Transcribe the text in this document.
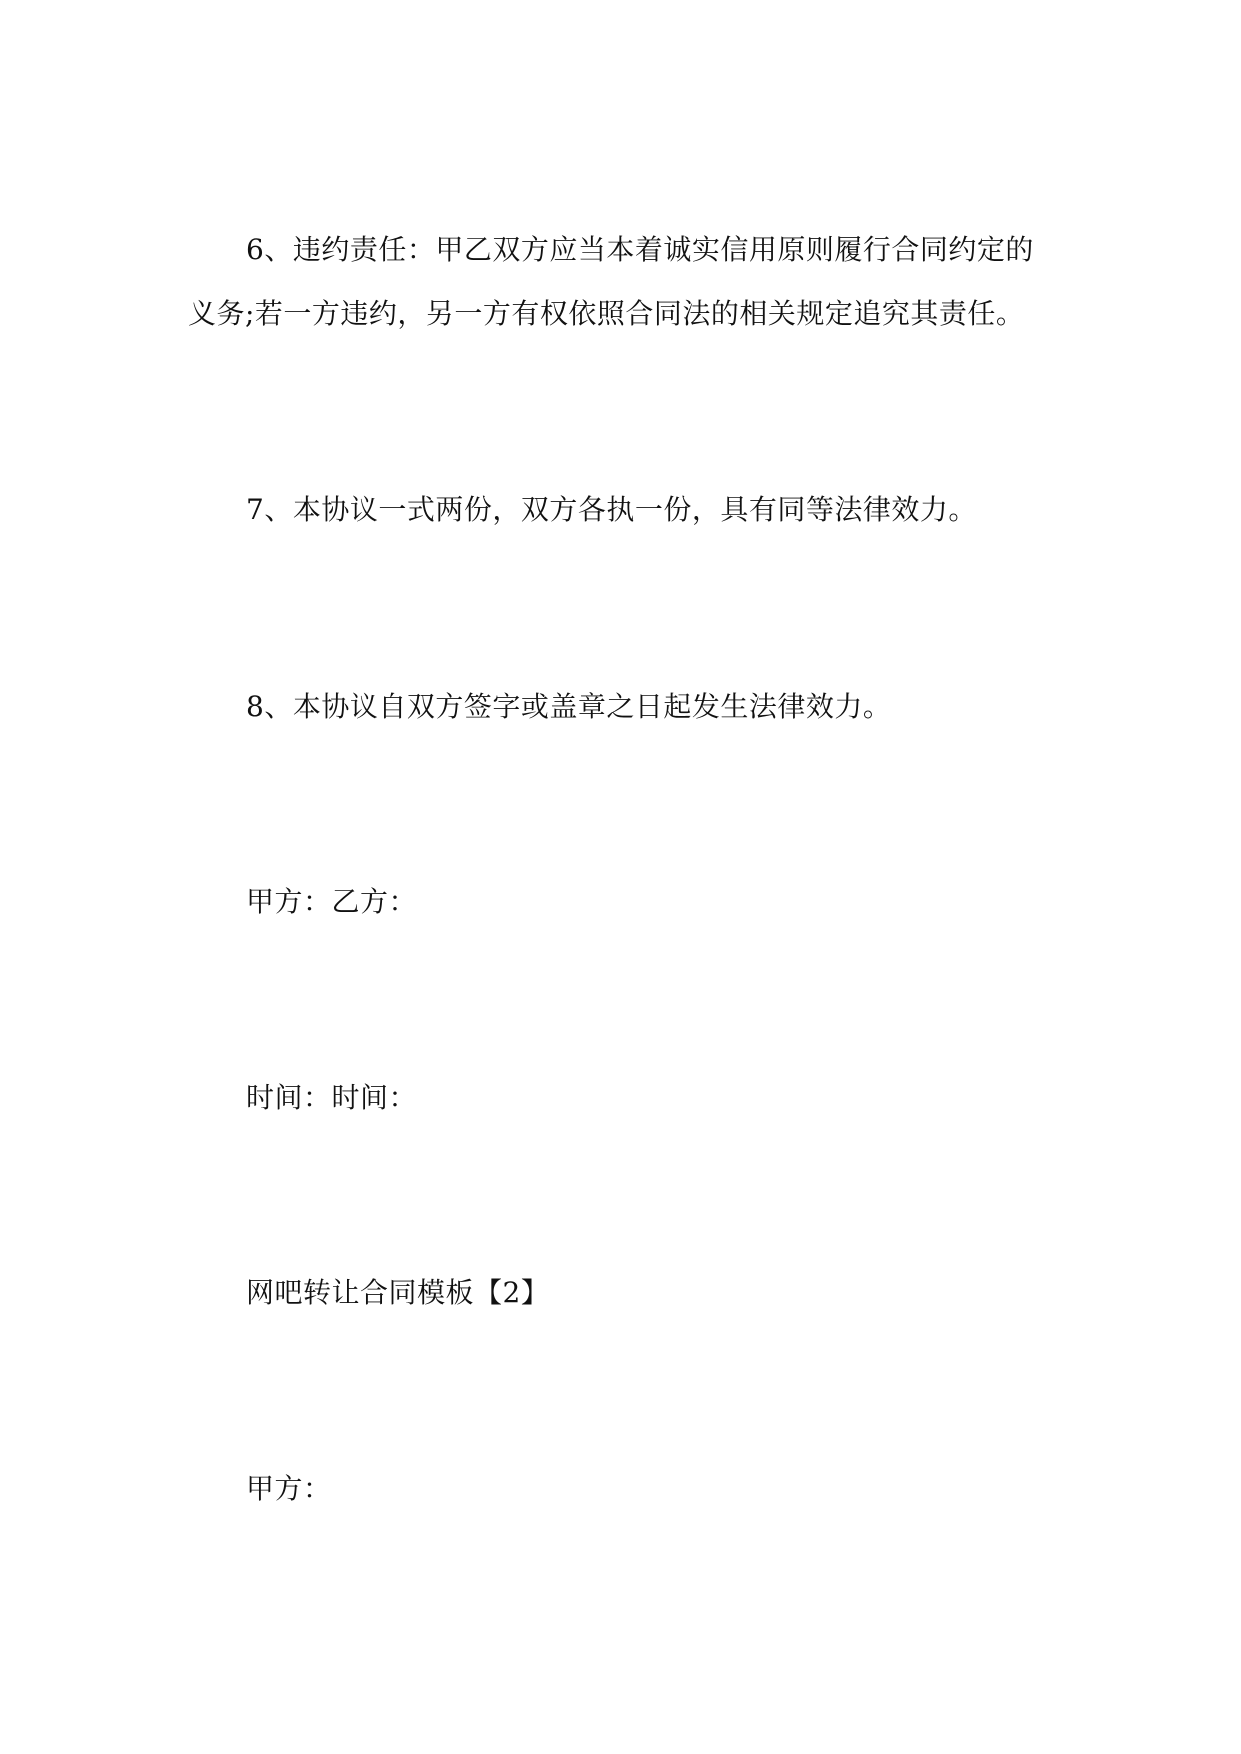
6、违约责任：甲乙双方应当本着诚实信用原则履行合同约定的

义务;若一方违约，另一方有权依照合同法的相关规定追究其责任。

7、本协议一式两份，双方各执一份，具有同等法律效力。

8、本协议自双方签字或盖章之日起发生法律效力。

甲方：乙方：

时间：时间：

网吧转让合同模板【2】

甲方：
